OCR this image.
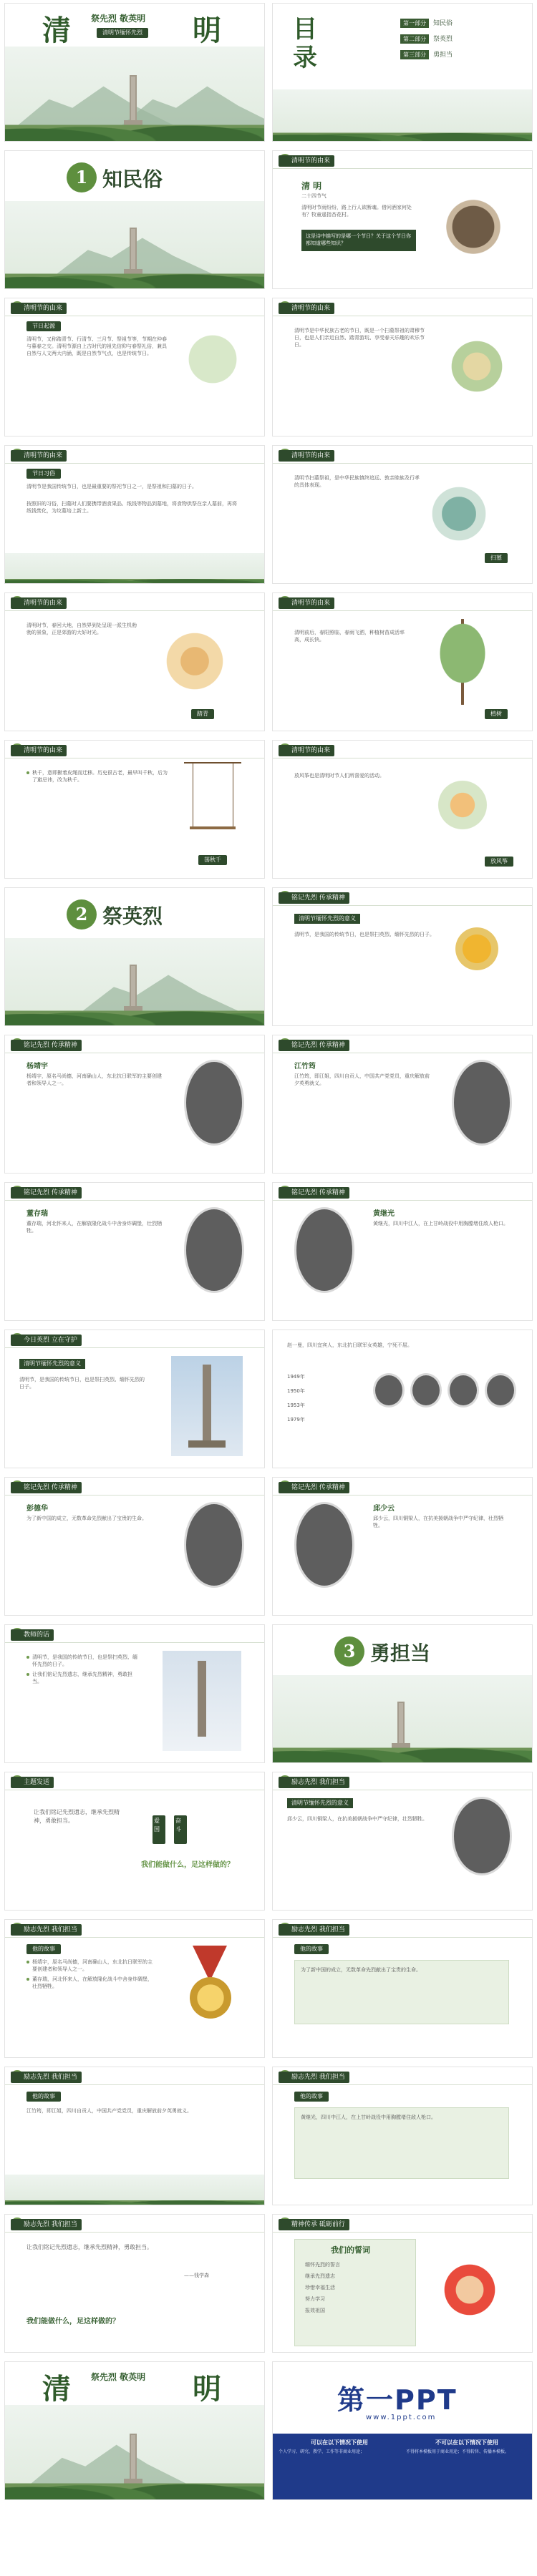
清	明
祭先烈 敬英明
清明节缅怀先烈	目
录
第一部分 知民俗
第二部分 祭英烈
第三部分 勇担当
1 知民俗
清明节的由来
清 明
二十四节气
清明时节雨纷纷，路上行人欲断魂。借问酒家何处有？牧童遥指杏花村。
这是诗中描写的是哪一个节日？关于这个节日你都知道哪些知识？
清明节的由来
节日起源
清明节，又称踏青节、行清节、三月节、祭祖节等，节期在仲春与暮春之交。清明节源自上古时代的祖先信仰与春祭礼俗，兼具自然与人文两大内涵，既是自然节气点，也是传统节日。
清明节的由来
清明节是中华民族古老的节日，既是一个扫墓祭祖的肃穆节日，也是人们亲近自然、踏青游玩、享受春天乐趣的欢乐节日。
清明节的由来
节日习俗
清明节是我国传统节日，也是最重要的祭祀节日之一，是祭祖和扫墓的日子。
按照旧的习俗，扫墓时人们要携带酒食果品、纸钱等物品到墓地，将食物供祭在亲人墓前，再将纸钱焚化，为坟墓培上新土。
清明节的由来
清明节扫墓祭祖，是中华民族慎终追远、敦亲睦族及行孝的具体表现。
扫墓
清明节的由来
清明时节，春回大地，自然界到处呈现一派生机勃勃的景象，正是郊游的大好时光。
踏青
清明节的由来
清明前后，春阳照临，春雨飞洒，种植树苗成活率高，成长快。
植树
清明节的由来
秋千，意即揪着皮绳而迁移。历史很古老，最早叫千秋，后为了避忌讳，改为秋千。
荡秋千
清明节的由来
放风筝也是清明时节人们所喜爱的活动。
放风筝
2 祭英烈
铭记先烈 传承精神
清明节缅怀先烈的意义
清明节，是我国的传统节日，也是祭扫英烈、缅怀先烈的日子。
铭记先烈 传承精神
杨靖宇
杨靖宇，原名马尚德，河南确山人，东北抗日联军的主要创建者和领导人之一。
铭记先烈 传承精神
江竹筠
江竹筠，即江姐，四川自贡人，中国共产党党员，重庆解放前夕英勇就义。
铭记先烈 传承精神
董存瑞
董存瑞，河北怀来人，在解放隆化战斗中舍身炸碉堡，壮烈牺牲。
铭记先烈 传承精神
黄继光
黄继光，四川中江人，在上甘岭战役中用胸膛堵住敌人枪口。
今日英烈 立在守护
清明节缅怀先烈的意义
清明节，是我国的传统节日，也是祭扫英烈、缅怀先烈的日子。
赵一曼，四川宜宾人，东北抗日联军女英雄，宁死不屈。
1949年
1950年
1953年
1979年
铭记先烈 传承精神
彭德华
为了新中国的成立，无数革命先烈献出了宝贵的生命。
铭记先烈 传承精神
邱少云
邱少云，四川铜梁人，在抗美援朝战争中严守纪律，壮烈牺牲。
教师的话
清明节，是我国的传统节日，也是祭扫英烈、缅怀先烈的日子。
让我们铭记先烈遗志，继承先烈精神，勇敢担当。
3 勇担当
主题发送
让我们铭记先烈遗志，继承先烈精神，勇敢担当。	爱国
奋斗
我们能做什么，足这样做的？
励志先烈 我们担当
清明节缅怀先烈的意义
邱少云，四川铜梁人，在抗美援朝战争中严守纪律，壮烈牺牲。
励志先烈 我们担当
他的故事
杨靖宇，原名马尚德，河南确山人，东北抗日联军的主要创建者和领导人之一。
董存瑞，河北怀来人，在解放隆化战斗中舍身炸碉堡，壮烈牺牲。
励志先烈 我们担当
他的故事
为了新中国的成立，无数革命先烈献出了宝贵的生命。
励志先烈 我们担当
他的故事
江竹筠，即江姐，四川自贡人，中国共产党党员，重庆解放前夕英勇就义。
励志先烈 我们担当
他的故事
黄继光，四川中江人，在上甘岭战役中用胸膛堵住敌人枪口。
励志先烈 我们担当
让我们铭记先烈遗志，继承先烈精神，勇敢担当。
——钱学森
我们能做什么，足这样做的？
精神传承 砥砺前行
我们的誓词
缅怀先烈的誓言
继承先烈遗志
珍惜幸福生活
努力学习
报效祖国
清	明
祭先烈 敬英明
第一PPT
www.1ppt.com
可以在以下情况下使用
个人学习、研究、教学、工作等非商业用途；
不可以在以下情况下使用
不得将本模板用于商业用途；不得转售、传播本模板。
